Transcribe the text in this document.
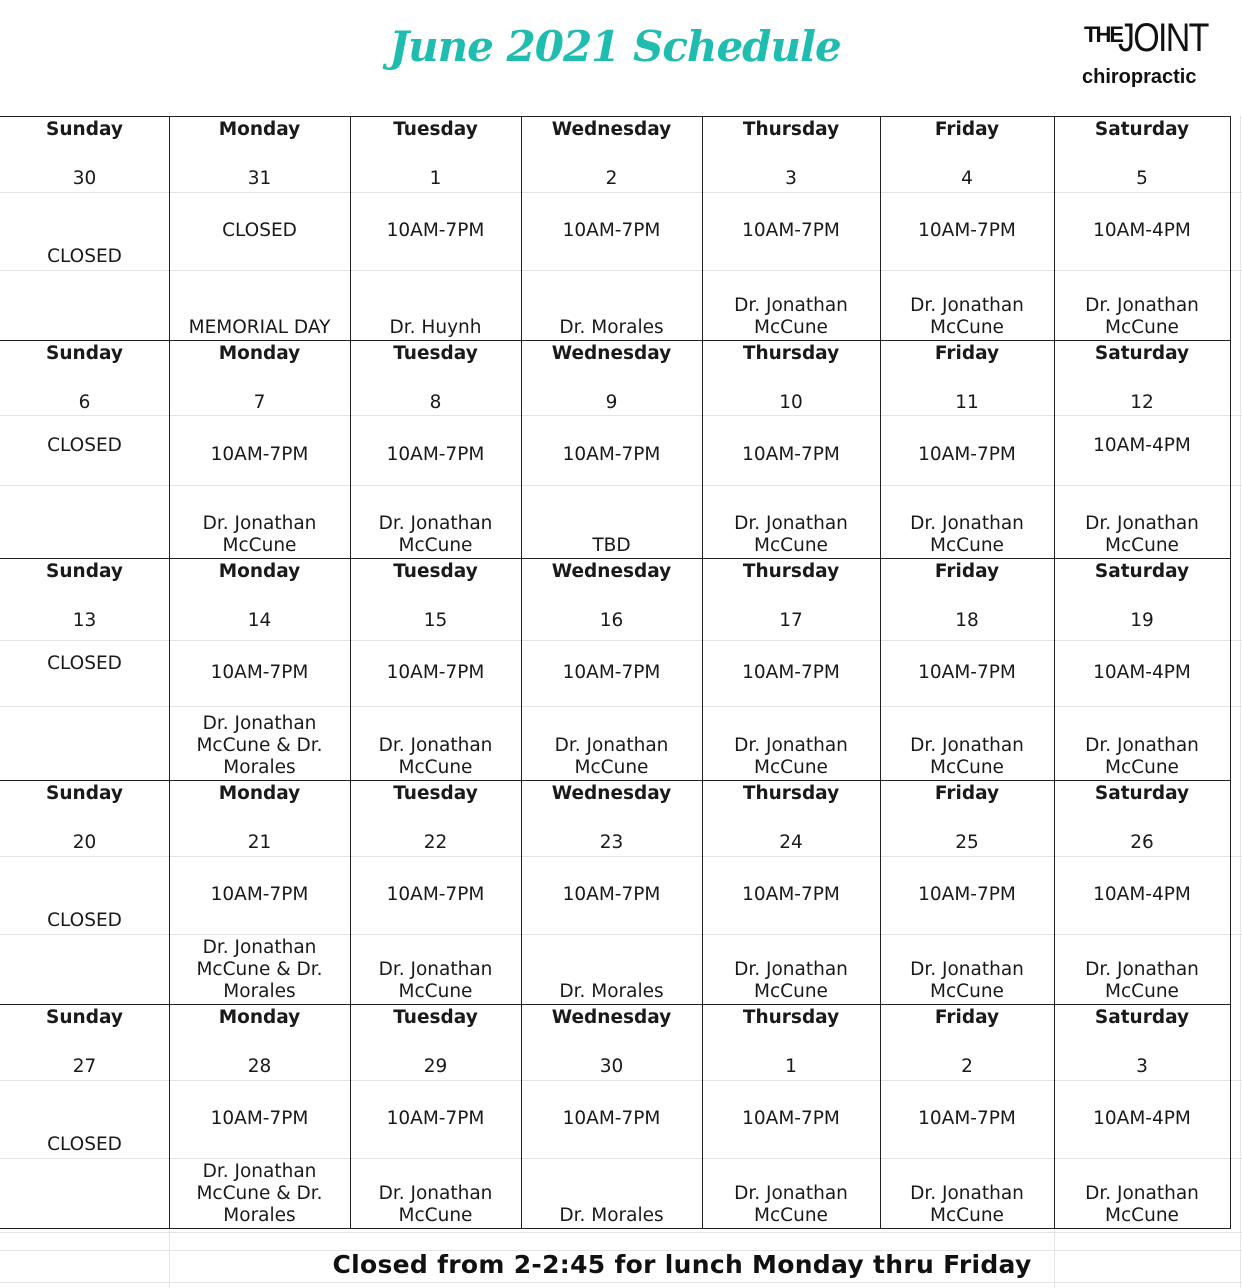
June 2021 Schedule	THE
JOINT
chiropractic
Sunday
30
CLOSED
Monday
31
CLOSED
MEMORIAL DAY
Tuesday
1
10AM-7PM
Dr. Huynh
Wednesday
2
10AM-7PM
Dr. Morales
Thursday
3
10AM-7PM
Dr. Jonathan McCune
Friday
4
10AM-7PM
Dr. Jonathan McCune
Saturday
5
10AM-4PM
Dr. Jonathan McCune
Sunday
6
CLOSED
Monday
7
10AM-7PM
Dr. Jonathan McCune
Tuesday
8
10AM-7PM
Dr. Jonathan McCune
Wednesday
9
10AM-7PM
TBD
Thursday
10
10AM-7PM
Dr. Jonathan McCune
Friday
11
10AM-7PM
Dr. Jonathan McCune
Saturday
12
10AM-4PM
Dr. Jonathan McCune
Sunday
13
CLOSED
Monday
14
10AM-7PM
Dr. Jonathan McCune & Dr. Morales
Tuesday
15
10AM-7PM
Dr. Jonathan McCune
Wednesday
16
10AM-7PM
Dr. Jonathan McCune
Thursday
17
10AM-7PM
Dr. Jonathan McCune
Friday
18
10AM-7PM
Dr. Jonathan McCune
Saturday
19
10AM-4PM
Dr. Jonathan McCune
Sunday
20
CLOSED
Monday
21
10AM-7PM
Dr. Jonathan McCune & Dr. Morales
Tuesday
22
10AM-7PM
Dr. Jonathan McCune
Wednesday
23
10AM-7PM
Dr. Morales
Thursday
24
10AM-7PM
Dr. Jonathan McCune
Friday
25
10AM-7PM
Dr. Jonathan McCune
Saturday
26
10AM-4PM
Dr. Jonathan McCune
Sunday
27
CLOSED
Monday
28
10AM-7PM
Dr. Jonathan McCune & Dr. Morales
Tuesday
29
10AM-7PM
Dr. Jonathan McCune
Wednesday
30
10AM-7PM
Dr. Morales
Thursday
1
10AM-7PM
Dr. Jonathan McCune
Friday
2
10AM-7PM
Dr. Jonathan McCune
Saturday
3
10AM-4PM
Dr. Jonathan McCune
Closed from 2-2:45 for lunch Monday thru Friday
